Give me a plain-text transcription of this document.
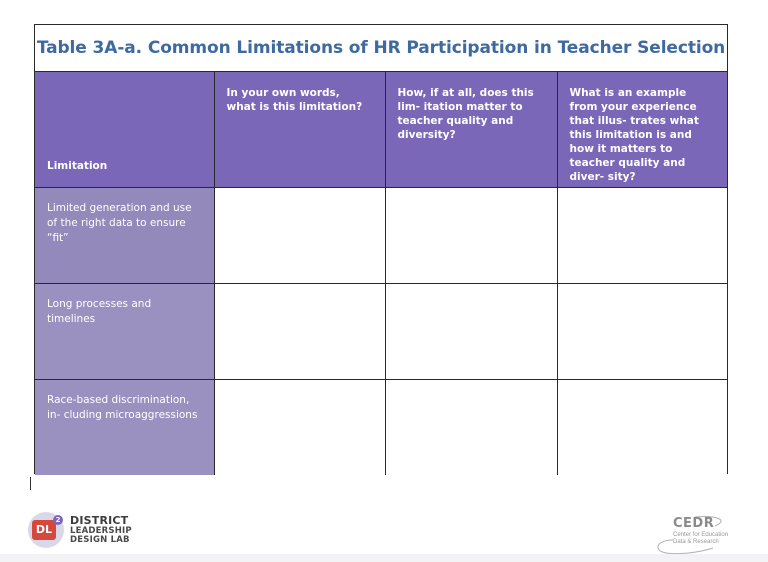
Table 3A-a. Common Limitations of HR Participation in Teacher Selection
Limitation	In your own words, what is this limitation?	How, if at all, does this lim- itation matter to teacher quality and diversity?	What is an example from your experience that illus- trates what this limitation is and how it matters to teacher quality and diver- sity?
Limited generation and use of the right data to ensure “fit”			
Long processes and timelines			
Race-based discrimination, in- cluding microaggressions			
DL
2 DISTRICT
LEADERSHIP
DESIGN LAB
CEDR
Center for Education
Data & Research
